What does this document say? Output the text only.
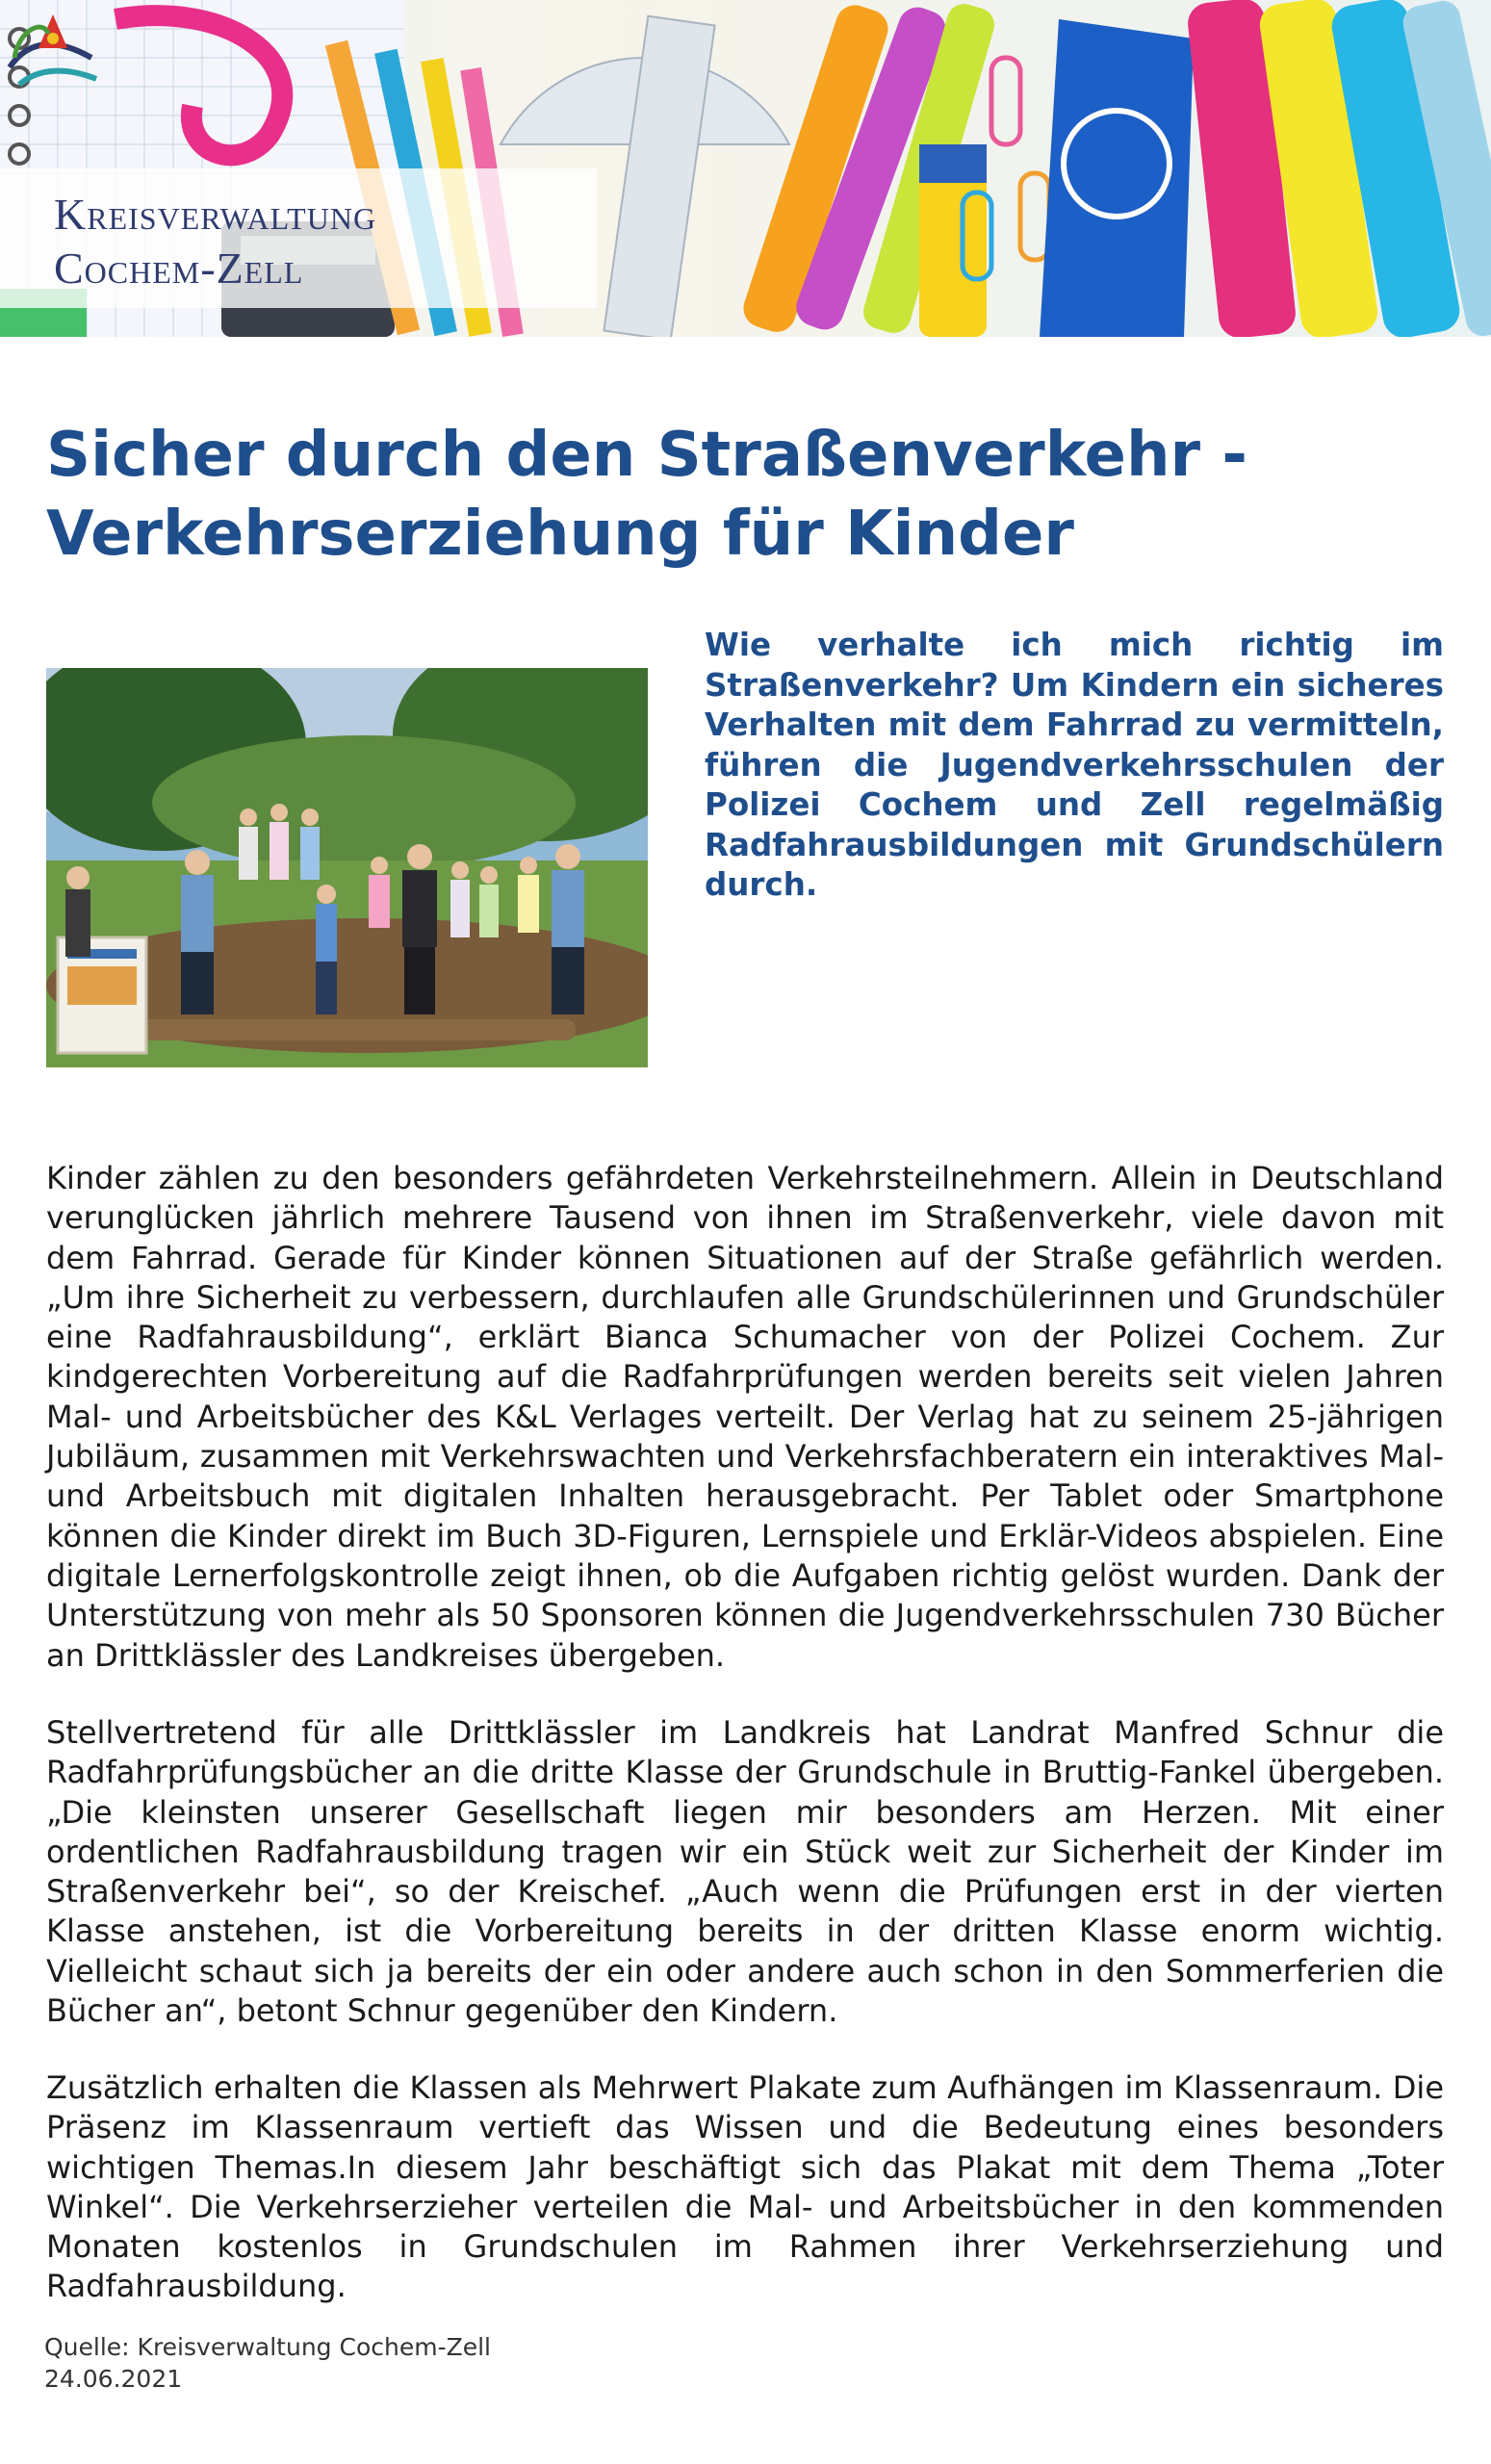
Kreisverwaltung
Cochem-Zell
Sicher durch den Straßenverkehr -
Verkehrserziehung für Kinder

Wie verhalte ich mich richtig im Straßenverkehr? Um Kindern ein sicheres Verhalten mit dem Fahrrad zu vermitteln, führen die Jugendverkehrsschulen der Polizei Cochem und Zell regelmäßig Radfahrausbildungen mit Grundschülern durch.

Kinder zählen zu den besonders gefährdeten Verkehrsteilnehmern. Allein in Deutschland verunglücken jährlich mehrere Tausend von ihnen im Straßenverkehr, viele davon mit dem Fahrrad. Gerade für Kinder können Situationen auf der Straße gefährlich werden. „Um ihre Sicherheit zu verbessern, durchlaufen alle Grundschülerinnen und Grundschüler eine Radfahrausbildung“, erklärt Bianca Schumacher von der Polizei Cochem. Zur kindgerechten Vorbereitung auf die Radfahrprüfungen werden bereits seit vielen Jahren Mal- und Arbeitsbücher des K&L Verlages verteilt. Der Verlag hat zu seinem 25-jährigen Jubiläum, zusammen mit Verkehrswachten und Verkehrsfachberatern ein interaktives Mal- und Arbeitsbuch mit digitalen Inhalten herausgebracht. Per Tablet oder Smartphone können die Kinder direkt im Buch 3D-Figuren, Lernspiele und Erklär-Videos abspielen. Eine digitale Lernerfolgskontrolle zeigt ihnen, ob die Aufgaben richtig gelöst wurden. Dank der Unterstützung von mehr als 50 Sponsoren können die Jugendverkehrsschulen 730 Bücher an Drittklässler des Landkreises übergeben.

Stellvertretend für alle Drittklässler im Landkreis hat Landrat Manfred Schnur die Radfahrprüfungsbücher an die dritte Klasse der Grundschule in Bruttig-Fankel übergeben. „Die kleinsten unserer Gesellschaft liegen mir besonders am Herzen. Mit einer ordentlichen Radfahrausbildung tragen wir ein Stück weit zur Sicherheit der Kinder im Straßenverkehr bei“, so der Kreischef. „Auch wenn die Prüfungen erst in der vierten Klasse anstehen, ist die Vorbereitung bereits in der dritten Klasse enorm wichtig. Vielleicht schaut sich ja bereits der ein oder andere auch schon in den Sommerferien die Bücher an“, betont Schnur gegenüber den Kindern.

Zusätzlich erhalten die Klassen als Mehrwert Plakate zum Aufhängen im Klassenraum. Die Präsenz im Klassenraum vertieft das Wissen und die Bedeutung eines besonders wichtigen Themas.In diesem Jahr beschäftigt sich das Plakat mit dem Thema „Toter Winkel“. Die Verkehrserzieher verteilen die Mal- und Arbeitsbücher in den kommenden Monaten kostenlos in Grundschulen im Rahmen ihrer Verkehrserziehung und Radfahrausbildung.

Quelle: Kreisverwaltung Cochem-Zell
24.06.2021
